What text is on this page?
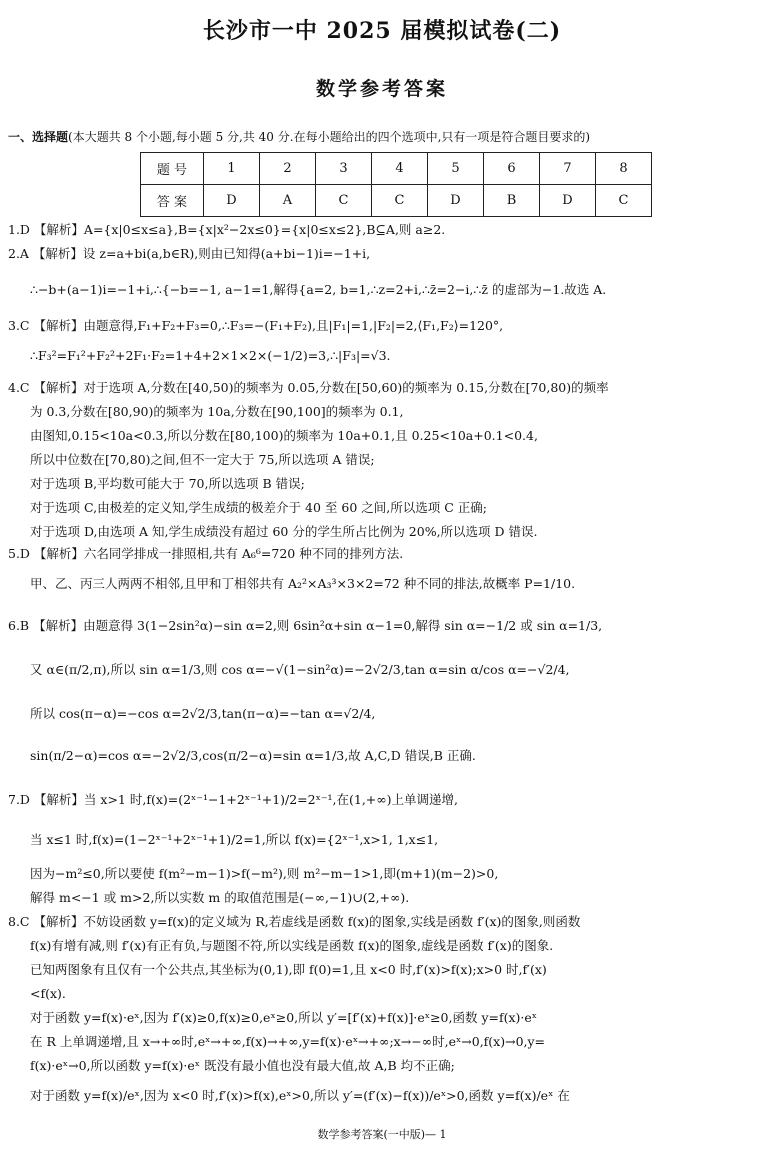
长沙市一中 2025 届模拟试卷(二)
数学参考答案
一、选择题(本大题共 8 个小题,每小题 5 分,共 40 分.在每小题给出的四个选项中,只有一项是符合题目要求的)
题 号	1	2	3	4	5	6	7	8
答 案	D	A	C	C	D	B	D	C
1.D 【解析】A={x|0≤x≤a},B={x|x²−2x≤0}={x|0≤x≤2},B⊆A,则 a≥2.
2.A 【解析】设 z=a+bi(a,b∈R),则由已知得(a+bi−1)i=−1+i,
∴−b+(a−1)i=−1+i,∴{−b=−1, a−1=1,解得{a=2, b=1,∴z=2+i,∴z̄=2−i,∴z̄ 的虚部为−1.故选 A.
3.C 【解析】由题意得,F₁+F₂+F₃=0,∴F₃=−(F₁+F₂),且|F₁|=1,|F₂|=2,⟨F₁,F₂⟩=120°,
∴F₃²=F₁²+F₂²+2F₁·F₂=1+4+2×1×2×(−1/2)=3,∴|F₃|=√3.
4.C 【解析】对于选项 A,分数在[40,50)的频率为 0.05,分数在[50,60)的频率为 0.15,分数在[70,80)的频率
为 0.3,分数在[80,90)的频率为 10a,分数在[90,100]的频率为 0.1,
由图知,0.15<10a<0.3,所以分数在[80,100)的频率为 10a+0.1,且 0.25<10a+0.1<0.4,
所以中位数在[70,80)之间,但不一定大于 75,所以选项 A 错误;
对于选项 B,平均数可能大于 70,所以选项 B 错误;
对于选项 C,由极差的定义知,学生成绩的极差介于 40 至 60 之间,所以选项 C 正确;
对于选项 D,由选项 A 知,学生成绩没有超过 60 分的学生所占比例为 20%,所以选项 D 错误.
5.D 【解析】六名同学排成一排照相,共有 A₆⁶=720 种不同的排列方法.
甲、乙、丙三人两两不相邻,且甲和丁相邻共有 A₂²×A₃³×3×2=72 种不同的排法,故概率 P=1/10.
6.B 【解析】由题意得 3(1−2sin²α)−sin α=2,则 6sin²α+sin α−1=0,解得 sin α=−1/2 或 sin α=1/3,
又 α∈(π/2,π),所以 sin α=1/3,则 cos α=−√(1−sin²α)=−2√2/3,tan α=sin α/cos α=−√2/4,
所以 cos(π−α)=−cos α=2√2/3,tan(π−α)=−tan α=√2/4,
sin(π/2−α)=cos α=−2√2/3,cos(π/2−α)=sin α=1/3,故 A,C,D 错误,B 正确.
7.D 【解析】当 x>1 时,f(x)=(2ˣ⁻¹−1+2ˣ⁻¹+1)/2=2ˣ⁻¹,在(1,+∞)上单调递增,
当 x≤1 时,f(x)=(1−2ˣ⁻¹+2ˣ⁻¹+1)/2=1,所以 f(x)={2ˣ⁻¹,x>1, 1,x≤1,
因为−m²≤0,所以要使 f(m²−m−1)>f(−m²),则 m²−m−1>1,即(m+1)(m−2)>0,
解得 m<−1 或 m>2,所以实数 m 的取值范围是(−∞,−1)∪(2,+∞).
8.C 【解析】不妨设函数 y=f(x)的定义域为 R,若虚线是函数 f(x)的图象,实线是函数 f′(x)的图象,则函数
f(x)有增有减,则 f′(x)有正有负,与题图不符,所以实线是函数 f(x)的图象,虚线是函数 f′(x)的图象.
已知两图象有且仅有一个公共点,其坐标为(0,1),即 f(0)=1,且 x<0 时,f′(x)>f(x);x>0 时,f′(x)
<f(x).
对于函数 y=f(x)·eˣ,因为 f′(x)≥0,f(x)≥0,eˣ≥0,所以 y′=[f′(x)+f(x)]·eˣ≥0,函数 y=f(x)·eˣ
在 R 上单调递增,且 x→+∞时,eˣ→+∞,f(x)→+∞,y=f(x)·eˣ→+∞;x→−∞时,eˣ→0,f(x)→0,y=
f(x)·eˣ→0,所以函数 y=f(x)·eˣ 既没有最小值也没有最大值,故 A,B 均不正确;
对于函数 y=f(x)/eˣ,因为 x<0 时,f′(x)>f(x),eˣ>0,所以 y′=(f′(x)−f(x))/eˣ>0,函数 y=f(x)/eˣ 在
数学参考答案(一中版)— 1
